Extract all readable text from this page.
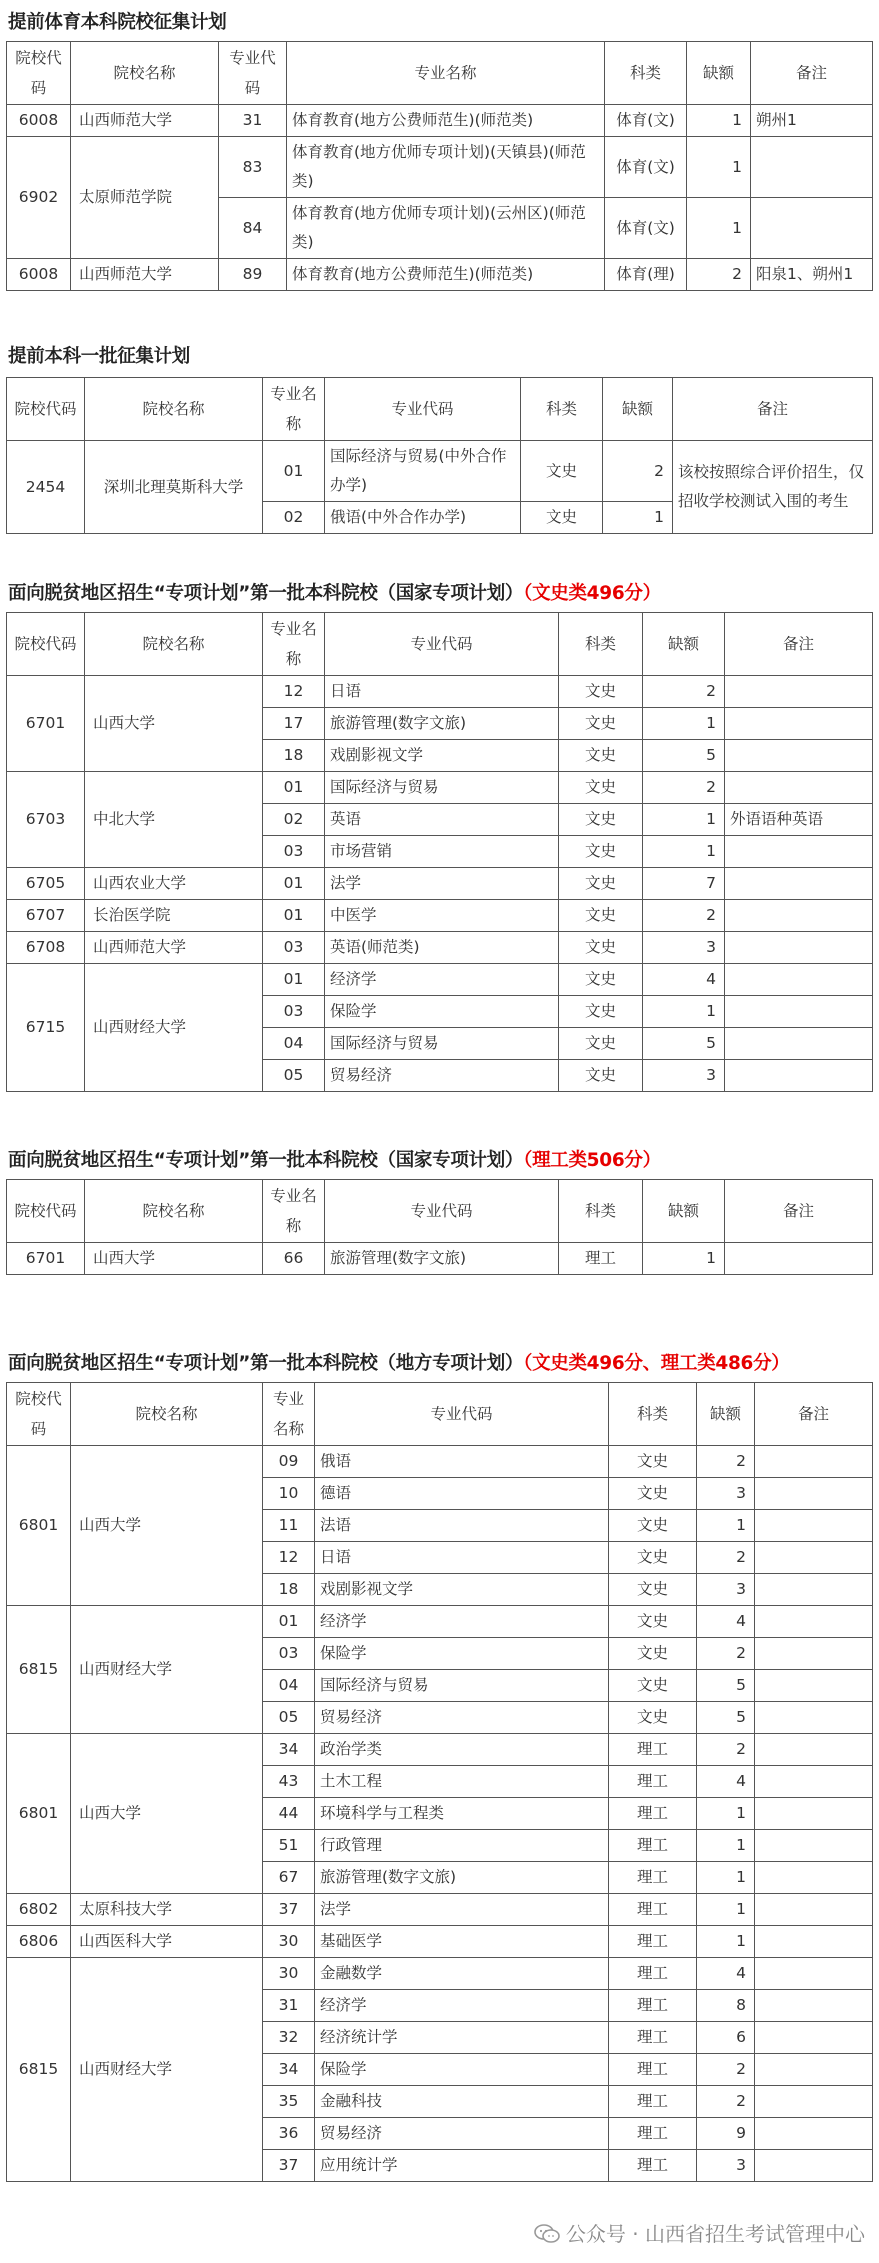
提前体育本科院校征集计划
院校代码	院校名称	专业代码	专业名称	科类	缺额	备注
6008	山西师范大学	31	体育教育(地方公费师范生)(师范类)	体育(文)	1	朔州1
6902	太原师范学院	83	体育教育(地方优师专项计划)(天镇县)(师范类)	体育(文)	1	
		84	体育教育(地方优师专项计划)(云州区)(师范类)	体育(文)	1	
6008	山西师范大学	89	体育教育(地方公费师范生)(师范类)	体育(理)	2	阳泉1、朔州1
提前本科一批征集计划
院校代码	院校名称	专业名称	专业代码	科类	缺额	备注
2454	深圳北理莫斯科大学	01	国际经济与贸易(中外合作办学)	文史	2	该校按照综合评价招生，仅招收学校测试入围的考生
		02	俄语(中外合作办学)	文史	1	
面向脱贫地区招生“专项计划”第一批本科院校（国家专项计划）（文史类496分）
院校代码	院校名称	专业名称	专业代码	科类	缺额	备注
6701	山西大学	12	日语	文史	2	
		17	旅游管理(数字文旅)	文史	1	
		18	戏剧影视文学	文史	5	
6703	中北大学	01	国际经济与贸易	文史	2	
		02	英语	文史	1	外语语种英语
		03	市场营销	文史	1	
6705	山西农业大学	01	法学	文史	7	
6707	长治医学院	01	中医学	文史	2	
6708	山西师范大学	03	英语(师范类)	文史	3	
6715	山西财经大学	01	经济学	文史	4	
		03	保险学	文史	1	
		04	国际经济与贸易	文史	5	
		05	贸易经济	文史	3	
面向脱贫地区招生“专项计划”第一批本科院校（国家专项计划）（理工类506分）
院校代码	院校名称	专业名称	专业代码	科类	缺额	备注
6701	山西大学	66	旅游管理(数字文旅)	理工	1	
面向脱贫地区招生“专项计划”第一批本科院校（地方专项计划）（文史类496分、理工类486分）
院校代码	院校名称	专业名称	专业代码	科类	缺额	备注
6801	山西大学	09	俄语	文史	2	
		10	德语	文史	3	
		11	法语	文史	1	
		12	日语	文史	2	
		18	戏剧影视文学	文史	3	
6815	山西财经大学	01	经济学	文史	4	
		03	保险学	文史	2	
		04	国际经济与贸易	文史	5	
		05	贸易经济	文史	5	
6801	山西大学	34	政治学类	理工	2	
		43	土木工程	理工	4	
		44	环境科学与工程类	理工	1	
		51	行政管理	理工	1	
		67	旅游管理(数字文旅)	理工	1	
6802	太原科技大学	37	法学	理工	1	
6806	山西医科大学	30	基础医学	理工	1	
6815	山西财经大学	30	金融数学	理工	4	
		31	经济学	理工	8	
		32	经济统计学	理工	6	
		34	保险学	理工	2	
		35	金融科技	理工	2	
		36	贸易经济	理工	9	
		37	应用统计学	理工	3	
公众号 · 山西省招生考试管理中心
